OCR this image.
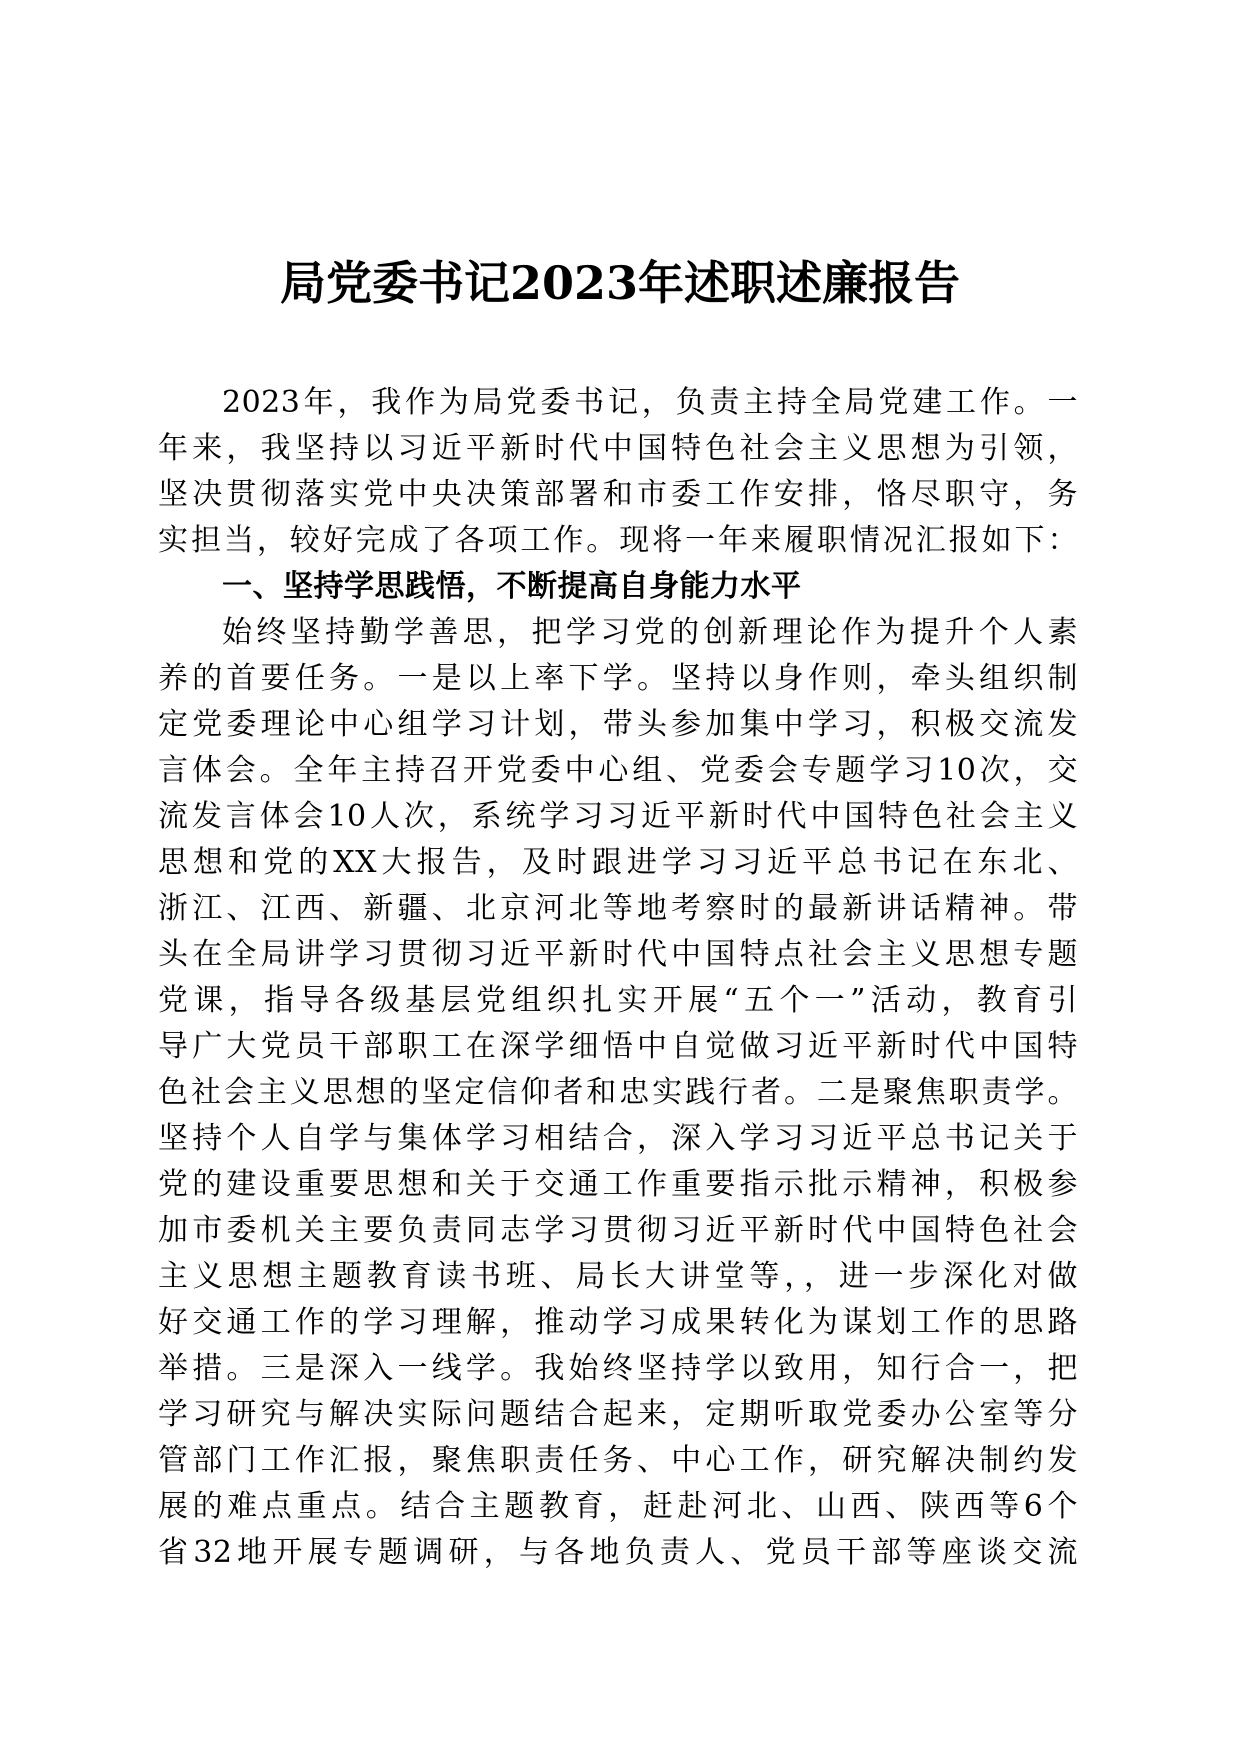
局党委书记2023年述职述廉报告
2023年，我作为局党委书记，负责主持全局党建工作。一
年来，我坚持以习近平新时代中国特色社会主义思想为引领，
坚决贯彻落实党中央决策部署和市委工作安排，恪尽职守，务
实担当，较好完成了各项工作。现将一年来履职情况汇报如下：
一、坚持学思践悟，不断提高自身能力水平
始终坚持勤学善思，把学习党的创新理论作为提升个人素
养的首要任务。一是以上率下学。坚持以身作则，牵头组织制
定党委理论中心组学习计划，带头参加集中学习，积极交流发
言体会。全年主持召开党委中心组、党委会专题学习10次，交
流发言体会10人次，系统学习习近平新时代中国特色社会主义
思想和党的XX大报告，及时跟进学习习近平总书记在东北、
浙江、江西、新疆、北京河北等地考察时的最新讲话精神。带
头在全局讲学习贯彻习近平新时代中国特点社会主义思想专题
党课，指导各级基层党组织扎实开展“五个一”活动，教育引
导广大党员干部职工在深学细悟中自觉做习近平新时代中国特
色社会主义思想的坚定信仰者和忠实践行者。二是聚焦职责学。
坚持个人自学与集体学习相结合，深入学习习近平总书记关于
党的建设重要思想和关于交通工作重要指示批示精神，积极参
加市委机关主要负责同志学习贯彻习近平新时代中国特色社会
主义思想主题教育读书班、局长大讲堂等，，进一步深化对做
好交通工作的学习理解，推动学习成果转化为谋划工作的思路
举措。三是深入一线学。我始终坚持学以致用，知行合一，把
学习研究与解决实际问题结合起来，定期听取党委办公室等分
管部门工作汇报，聚焦职责任务、中心工作，研究解决制约发
展的难点重点。结合主题教育，赶赴河北、山西、陕西等6个
省32地开展专题调研，与各地负责人、党员干部等座谈交流
